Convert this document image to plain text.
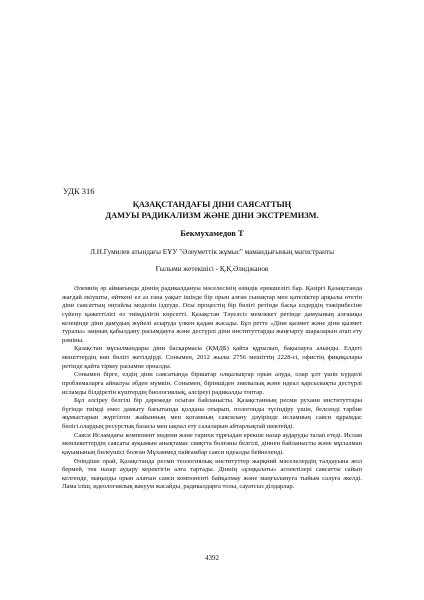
УДК 316
ҚАЗАҚСТАНДАҒЫ ДІНИ САЯСАТТЫҢ
ДАМУЫ РАДИКАЛИЗМ ЖӘНЕ ДІНИ ЭКСТРЕМИЗМ.
Бекмухамедов Т
Л.Н.Гумилев атындағы ЕҰУ "Әлеуметтік жұмыс" мамандығының магистранты
Ғылыми жетекшісі - Қ.Қ.Әлиджанов

Әлемнің әр аймағында діннің радикалдануы мәселесінің өзіндік ерекшелігі бар. Қазіргі Қазақстанда жағдай екіушты, өйткені ел аз ғана уақыт ішінде бір орын алған сынақтар мен қателіктер арқылы өтетін діни саясаттың оңтайлы моделін іздеуде. Осы процестің бір бөлігі ретінде басқа елдердің тәжірибесіне сүйену қажеттілігі өз тиімділігін көрсетті. Қазақстан Тәуелсіз мемлекет ретінде дамуының алғашқы кезеңінде діни дамудың жүйелі асыруда үлкен қадам жасады. Бұл ретте «Діни қызмет және діни қызмет туралы» заңның қабылдану расымдауға және дестүрлі діни институттарды жаңғырту шараларын атап ету рәміны.

Қазақстан мұсылмандары діни басқармасы (ҚМДБ) қайта құрылып, бақылауға алынды. Елдегі мешіттердің көп бөлігі жетілдірді. Сонымен, 2012 жылы 2756 мешіттің 2228-сі, офистің фиқиқалары ретінде қайта тіркеу расымне орналды.

Сонымен бірге, елдің діни саясатында біршатар олқылықтар орын алуда, олар ұлт үшін күрделі проблемаларға айналуы әбден мүмкін. Сонымен, біріншіден зиялылық және идеал қарсылықты дестүрлі исламды білдіретін күштердің биологиялық, алсіреуі радикалды топтар.

Бұл әлсіреу белгілі бір дәрежеде осыған байланысты. Қазақстанның ресми рухани институттары бүгінде тиімді емес дамыту бағытында қолдана отырып, пологонды түсіндіру үшін, белсенді тәрбие жұмыстарын жүргізген жайынның мен қоғамның саясилану дәуірінде исламның саяси құрамдас бөлігі.олардың ресурстық базасы мен ықпал ету салаларын айтарлықтай шектейді.

Саяси Исламдағы компонент мәдени және тарихи тұрғыдан ерекше назар аударуды талап етеді. Ислам мемлекеттердің саясаты ауқымын анықтамас сияқтта болғаны белгілі, діннен байланысты және мұсылман қауымының билеушісі болған Мұхаммед пайғамбар саяси идеалды бейнеленді.

Өзіндіше орай, Қазақстанда ресми теологиялық институттер жарқний мәселелердің талдауына жол бермей, тек назар аудару керектігін алға тартады. Діннің «ұзңқалаты» аспектілері саясатты сайып келгенде, маңызды орын алатын саяси компоненті байқалмау және маңғыламуға тыйым салуға әкелді. Лама іліш, идеологиялық вакуум жасайды, радикалдарға толы, сауатсыз ділдарлар.

4392
